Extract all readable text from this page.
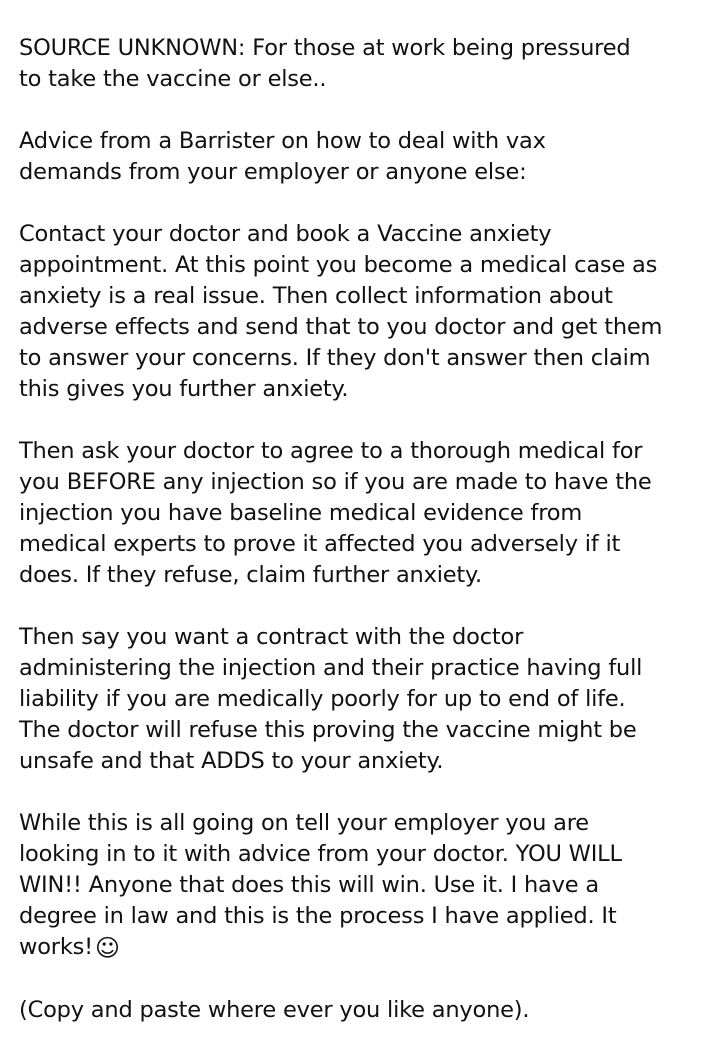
SOURCE UNKNOWN: For those at work being pressured
to take the vaccine or else..

Advice from a Barrister on how to deal with vax
demands from your employer or anyone else:

Contact your doctor and book a Vaccine anxiety
appointment. At this point you become a medical case as
anxiety is a real issue. Then collect information about
adverse effects and send that to you doctor and get them
to answer your concerns. If they don't answer then claim
this gives you further anxiety.

Then ask your doctor to agree to a thorough medical for
you BEFORE any injection so if you are made to have the
injection you have baseline medical evidence from
medical experts to prove it affected you adversely if it
does. If they refuse, claim further anxiety.

Then say you want a contract with the doctor
administering the injection and their practice having full
liability if you are medically poorly for up to end of life.
The doctor will refuse this proving the vaccine might be
unsafe and that ADDS to your anxiety.

While this is all going on tell your employer you are
looking in to it with advice from your doctor. YOU WILL
WIN!! Anyone that does this will win. Use it. I have a
degree in law and this is the process I have applied. It
works!☺

(Copy and paste where ever you like anyone).
